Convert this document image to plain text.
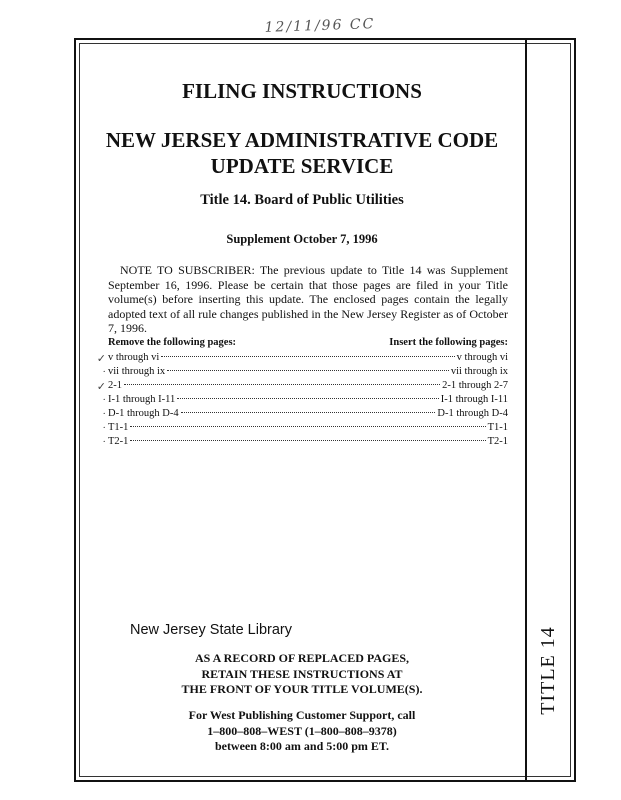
12/11/96 CC
TITLE 14
FILING INSTRUCTIONS
NEW JERSEY ADMINISTRATIVE CODE
UPDATE SERVICE
Title 14. Board of Public Utilities
Supplement October 7, 1996

NOTE TO SUBSCRIBER: The previous update to Title 14 was Supplement September 16, 1996. Please be certain that those pages are filed in your Title volume(s) before inserting this update. The enclosed pages contain the legally adopted text of all rule changes published in the New Jersey Register as of October 7, 1996.

Remove the following pages:	Insert the following pages:
✓ v through vi	v through vi
· vii through ix	vii through ix
✓ 2-1	2-1 through 2-7
· I-1 through I-11	I-1 through I-11
· D-1 through D-4	D-1 through D-4
· T1-1	T1-1
· T2-1	T2-1
New Jersey State Library
AS A RECORD OF REPLACED PAGES,
RETAIN THESE INSTRUCTIONS AT
THE FRONT OF YOUR TITLE VOLUME(S).
For West Publishing Customer Support, call
1–800–808–WEST (1–800–808–9378)
between 8:00 am and 5:00 pm ET.
